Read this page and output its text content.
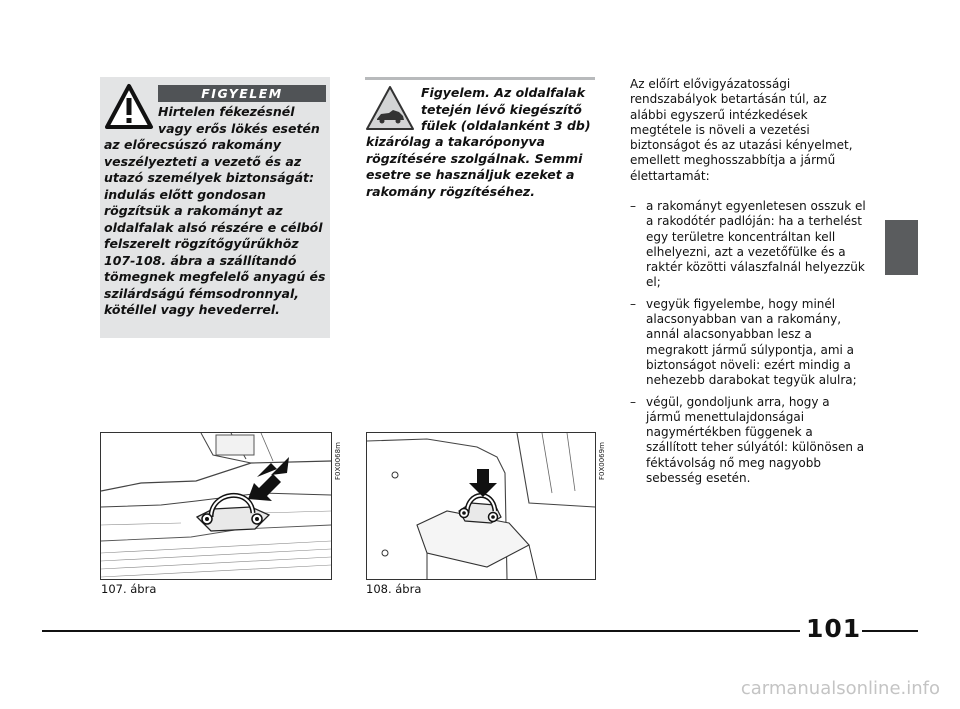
FIGYELEM

Hirtelen fékezésnél vagy erős lökés esetén

az előrecsúszó rakomány veszélyezteti a vezető és az utazó személyek biztonságát: indulás előtt gondosan rögzítsük a rakományt az oldalfalak alsó részére e célból felszerelt rögzítőgyűrűkhöz 107-108. ábra a szállítandó tömegnek megfelelő anyagú és szilárdságú fémsodronnyal, kötéllel vagy hevederrel.

Figyelem. Az oldalfalak tetején lévő kiegészítő fülek (oldalanként 3 db)

kizárólag a takaróponyva rögzítésére szolgálnak. Semmi esetre se használjuk ezeket a rakomány rögzítéséhez.

Az előírt elővigyázatossági rendszabályok betartásán túl, az alábbi egyszerű intézkedések megtétele is növeli a vezetési biztonságot és az utazási kényelmet, emellett meghosszabbítja a jármű élettartamát:

– a rakományt egyenletesen osszuk el a rakodótér padlóján: ha a terhelést egy területre koncentráltan kell elhelyezni, azt a vezetőfülke és a raktér közötti válaszfalnál helyezzük el;
– vegyük figyelembe, hogy minél alacsonyabban van a rakomány, annál alacsonyabban lesz a megrakott jármű súlypontja, ami a biztonságot növeli: ezért mindig a nehezebb darabokat tegyük alulra;
– végül, gondoljunk arra, hogy a jármű menettulajdonságai nagymértékben függenek a szállított teher súlyától: különösen a féktávolság nő meg nagyobb sebesség esetén.
F0X0068m
107. ábra
F0X0069m
108. ábra
101
carmanualsonline.info
